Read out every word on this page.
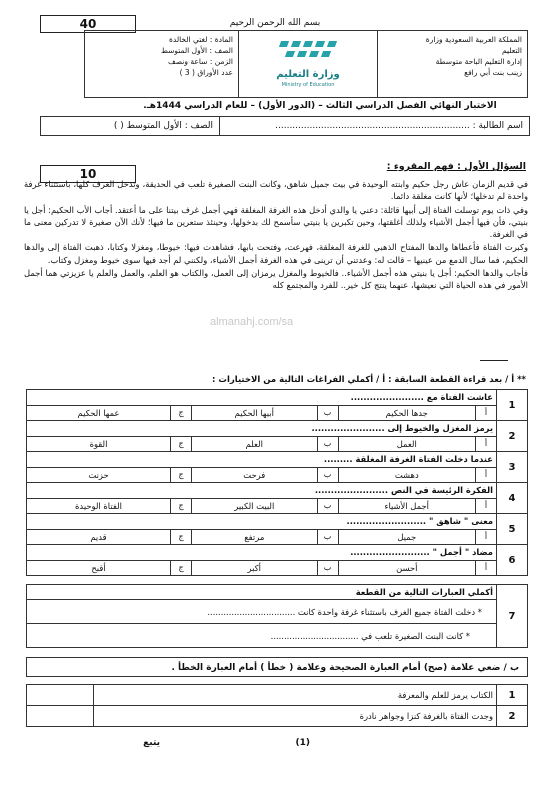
40	بسم الله الرحمن الرحيم
المملكة العربية السعودية وزارة
التعليم
إدارة التعليم الباحة متوسطة
زينب بنت أبي رافع
وزارة التعليم
Ministry of Education
المادة : لغتي الخالدة
الصف : الأول المتوسط
الزمن : ساعة ونصف
عدد الأوراق ( 3 )
الاختبار النهائي الفصل الدراسي الثالث – (الدور الأول) – للعام الدراسي 1444هـ.
اسم الطالبة : ....................................................................
الصف : الأول المتوسط ( )
10
السؤال الأول : فهم المقروء :

في قديم الزمان عاش رجل حكيم وابنته الوحيدة في بيت جميل شاهق، وكانت البنت الصغيرة تلعب في الحديقة، وتدخل الغرف كلها، باستثناء غرفة واحدة لم تدخلها؛ لأنها كانت مغلقة دائما.

وفي ذات يوم توسلت الفتاة إلى أبيها قائلة: دعني يا والدي أدخل هذه الغرفة المغلقة فهي أجمل غرف بيتنا على ما أعتقد. أجاب الأب الحكيم: أجل يا بنيتي، فأن فيها أجمل الأشياء ولذلك أغلقتها، وحين تكبرين يا بنيتي سأسمح لك بدخولها، وحينئذ ستعرين ما فيها؛ لأنك الآن صغيرة لا تدركين معنى ما في الغرفة.

وكبرت الفتاة فأعطاها والدها المفتاح الذهبي للغرفة المغلقة، فهرعت، وفتحت بابها، فشاهدت فيها: خيوطا، ومغزلا وكتابا، ذهبت الفتاة إلى والدها الحكيم، فما سال الدمع من عينيها – قالت له: وعدتني أن ترينى في هذه الغرفة أجمل الأشياء، ولكنني لم أجد فيها سوى خيوط ومغزل وكتاب.

فأجاب والدها الحكيم: أجل يا بنيتي هذه أجمل الأشياء.. فالخيوط والمغزل يرمزان إلى العمل، والكتاب هو العلم، والعمل والعلم يا عزيزتي هما أجمل الأمور في هذه الحياة التي نعيشها، عنهما ينتج كل خير.. للفرد والمجتمع كله

almanahj.com/sa
** أ / بعد قراءة القطعة السابقة : أ / أكملي الفراغات التالية من الاختيارات :
1	عاشت الفتاة مع .......................					
	أ	جدها الحكيم	ب	أبيها الحكيم	ج	عمها الحكيم
2	يرمز المغزل والخيوط إلى .......................					
	أ	العمل	ب	العلم	ج	القوة
3	عندما دخلت الفتاة الغرفة المغلقة .........					
	أ	دهشت	ب	فرحت	ج	حزنت
4	الفكرة الرئيسة في النص .......................					
	أ	أجمل الأشياء	ب	البيت الكبير	ج	الفتاة الوحيدة
5	معنى " شاهق " .........................					
	أ	جميل	ب	مرتفع	ج	قديم
6	مضاد " أجمل " .........................					
	أ	أحسن	ب	أكبر	ج	أقبح
7	أكملي العبارات التالية من القطعة
* دخلت الفتاة جميع الغرف باستثناء غرفة واحدة كانت .................................
* كانت البنت الصغيرة تلعب في .................................
ب / ضعي علامة (صح) أمام العبارة الصحيحة وعلامة ( خطأ ) أمام العبارة الخطأ .
1	الكتاب يرمز للعلم والمعرفة	
2	وجدت الفتاة بالغرفة كنزا وجواهر نادرة	
يتبع	(1)
